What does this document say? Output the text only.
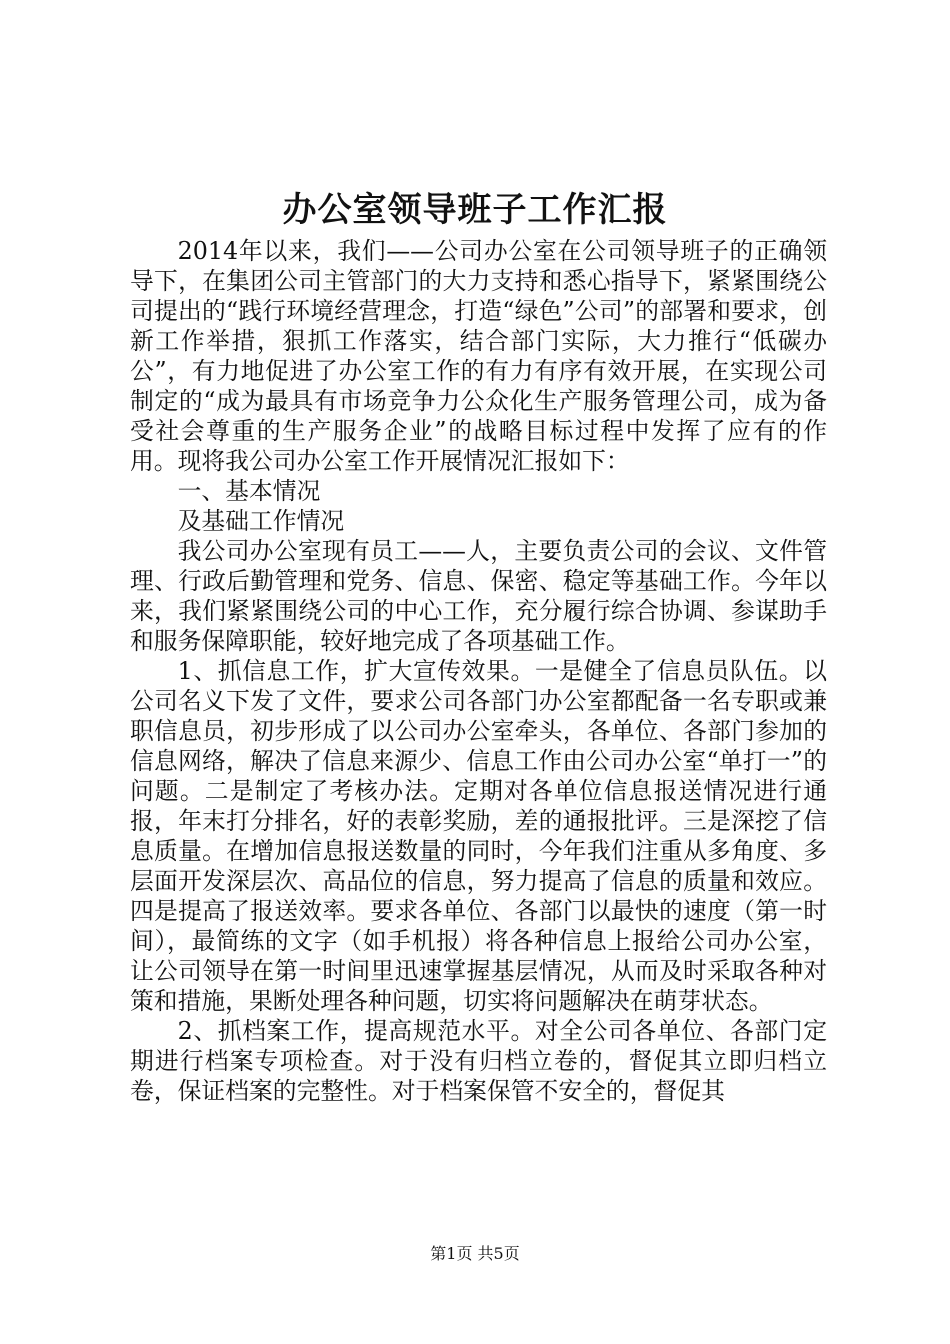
办公室领导班子工作汇报

2014年以来，我们——公司办公室在公司领导班子的正确领导下，在集团公司主管部门的大力支持和悉心指导下，紧紧围绕公司提出的“践行环境经营理念，打造“绿色”公司”的部署和要求，创新工作举措，狠抓工作落实，结合部门实际，大力推行“低碳办公”，有力地促进了办公室工作的有力有序有效开展，在实现公司制定的“成为最具有市场竞争力公众化生产服务管理公司，成为备受社会尊重的生产服务企业”的战略目标过程中发挥了应有的作用。现将我公司办公室工作开展情况汇报如下：

一、基本情况

及基础工作情况

我公司办公室现有员工——人，主要负责公司的会议、文件管理、行政后勤管理和党务、信息、保密、稳定等基础工作。今年以来，我们紧紧围绕公司的中心工作，充分履行综合协调、参谋助手和服务保障职能，较好地完成了各项基础工作。

1、抓信息工作，扩大宣传效果。一是健全了信息员队伍。以公司名义下发了文件，要求公司各部门办公室都配备一名专职或兼职信息员，初步形成了以公司办公室牵头，各单位、各部门参加的信息网络，解决了信息来源少、信息工作由公司办公室“单打一”的问题。二是制定了考核办法。定期对各单位信息报送情况进行通报，年末打分排名，好的表彰奖励，差的通报批评。三是深挖了信息质量。在增加信息报送数量的同时，今年我们注重从多角度、多层面开发深层次、高品位的信息，努力提高了信息的质量和效应。四是提高了报送效率。要求各单位、各部门以最快的速度（第一时间），最简练的文字（如手机报）将各种信息上报给公司办公室，让公司领导在第一时间里迅速掌握基层情况，从而及时采取各种对策和措施，果断处理各种问题，切实将问题解决在萌芽状态。

2、抓档案工作，提高规范水平。对全公司各单位、各部门定期进行档案专项检查。对于没有归档立卷的，督促其立即归档立卷，保证档案的完整性。对于档案保管不安全的，督促其

第1页 共5页
